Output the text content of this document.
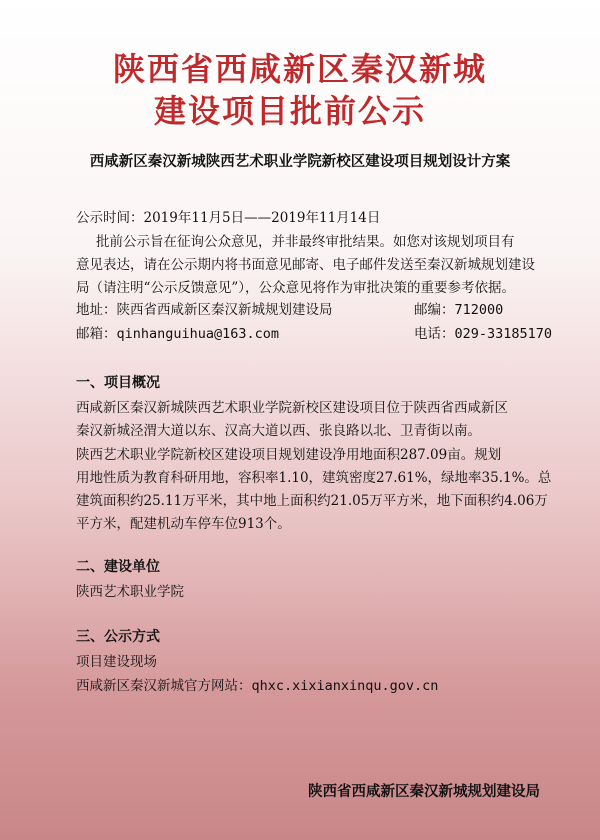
陕西省西咸新区秦汉新城
建设项目批前公示
西咸新区秦汉新城陕西艺术职业学院新校区建设项目规划设计方案

公示时间：2019年11月5日——2019年11月14日

批前公示旨在征询公众意见，并非最终审批结果。如您对该规划项目有

意见表达，请在公示期内将书面意见邮寄、电子邮件发送至秦汉新城规划建设

局（请注明“公示反馈意见”），公众意见将作为审批决策的重要参考依据。

地址：陕西省西咸新区秦汉新城规划建设局	邮编：712000

邮箱：qinhanguihua@163.com	电话：029-33185170

一、项目概况

西咸新区秦汉新城陕西艺术职业学院新校区建设项目位于陕西省西咸新区

秦汉新城泾渭大道以东、汉高大道以西、张良路以北、卫青街以南。

陕西艺术职业学院新校区建设项目规划建设净用地面积287.09亩。规划

用地性质为教育科研用地，容积率1.10，建筑密度27.61%，绿地率35.1%。总

建筑面积约25.11万平米，其中地上面积约21.05万平方米，地下面积约4.06万

平方米，配建机动车停车位913个。

二、建设单位

陕西艺术职业学院

三、公示方式

项目建设现场

西咸新区秦汉新城官方网站：qhxc.xixianxinqu.gov.cn

陕西省西咸新区秦汉新城规划建设局
